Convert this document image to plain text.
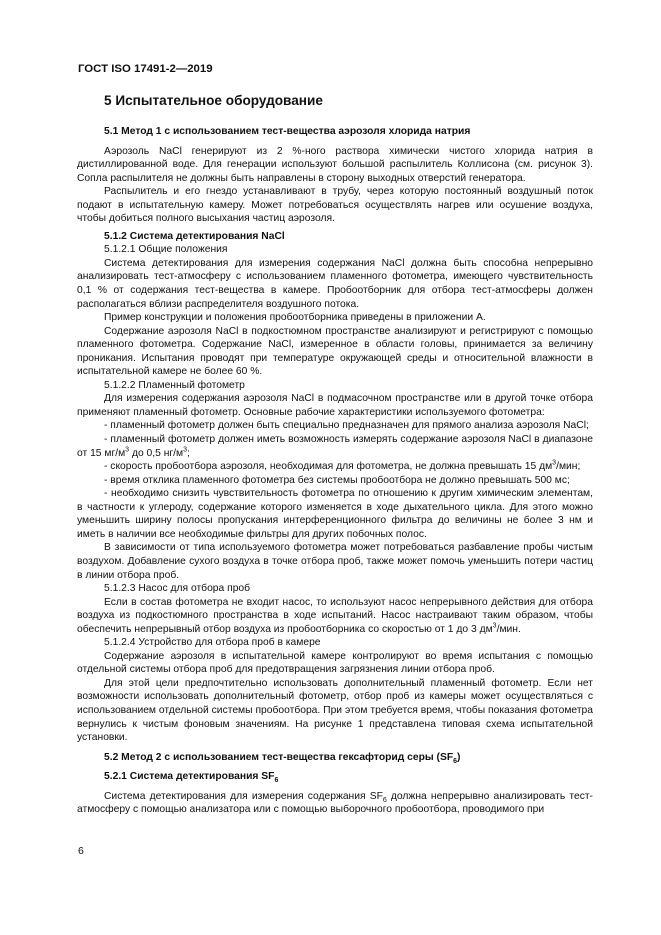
ГОСТ ISO 17491-2—2019
5 Испытательное оборудование

5.1 Метод 1 с использованием тест-вещества аэрозоля хлорида натрия

Аэрозоль NaCl генерируют из 2 %-ного раствора химически чистого хлорида натрия в дистиллированной воде. Для генерации используют большой распылитель Коллисона (см. рисунок 3). Сопла распылителя не должны быть направлены в сторону выходных отверстий генератора.

Распылитель и его гнездо устанавливают в трубу, через которую постоянный воздушный поток подают в испытательную камеру. Может потребоваться осуществлять нагрев или осушение воздуха, чтобы добиться полного высыхания частиц аэрозоля.

5.1.2 Система детектирования NaCl

5.1.2.1 Общие положения

Система детектирования для измерения содержания NaCl должна быть способна непрерывно анализировать тест-атмосферу с использованием пламенного фотометра, имеющего чувствительность 0,1 % от содержания тест-вещества в камере. Пробоотборник для отбора тест-атмосферы должен располагаться вблизи распределителя воздушного потока.

Пример конструкции и положения пробоотборника приведены в приложении А.

Содержание аэрозоля NaCl в подкостюмном пространстве анализируют и регистрируют с помощью пламенного фотометра. Содержание NaCl, измеренное в области головы, принимается за величину проникания. Испытания проводят при температуре окружающей среды и относительной влажности в испытательной камере не более 60 %.

5.1.2.2 Пламенный фотометр

Для измерения содержания аэрозоля NaCl в подмасочном пространстве или в другой точке отбора применяют пламенный фотометр. Основные рабочие характеристики используемого фотометра:

- пламенный фотометр должен быть специально предназначен для прямого анализа аэрозоля NaCl;

- пламенный фотометр должен иметь возможность измерять содержание аэрозоля NaCl в диапазоне от 15 $мг/м^3$ до 0,5 $нг/м^3$;

- скорость пробоотбора аэрозоля, необходимая для фотометра, не должна превышать 15 $дм^3$/мин;

- время отклика пламенного фотометра без системы пробоотбора не должно превышать 500 мс;

- необходимо снизить чувствительность фотометра по отношению к другим химическим элементам, в частности к углероду, содержание которого изменяется в ходе дыхательного цикла. Для этого можно уменьшить ширину полосы пропускания интерференционного фильтра до величины не более 3 нм и иметь в наличии все необходимые фильтры для других побочных полос.

В зависимости от типа используемого фотометра может потребоваться разбавление пробы чистым воздухом. Добавление сухого воздуха в точке отбора проб, также может помочь уменьшить потери частиц в линии отбора проб.

5.1.2.3 Насос для отбора проб

Если в состав фотометра не входит насос, то используют насос непрерывного действия для отбора воздуха из подкостюмного пространства в ходе испытаний. Насос настраивают таким образом, чтобы обеспечить непрерывный отбор воздуха из пробоотборника со скоростью от 1 до 3 $дм^3$/мин.

5.1.2.4 Устройство для отбора проб в камере

Содержание аэрозоля в испытательной камере контролируют во время испытания с помощью отдельной системы отбора проб для предотвращения загрязнения линии отбора проб.

Для этой цели предпочтительно использовать дополнительный пламенный фотометр. Если нет возможности использовать дополнительный фотометр, отбор проб из камеры может осуществляться с использованием отдельной системы пробоотбора. При этом требуется время, чтобы показания фотометра вернулись к чистым фоновым значениям. На рисунке 1 представлена типовая схема испытательной установки.

5.2 Метод 2 с использованием тест-вещества гексафторид серы $(SF_6)$

5.2.1 Система детектирования $SF_6$

Система детектирования для измерения содержания $SF_6$ должна непрерывно анализировать тест-атмосферу с помощью анализатора или с помощью выборочного пробоотбора, проводимого при

6
